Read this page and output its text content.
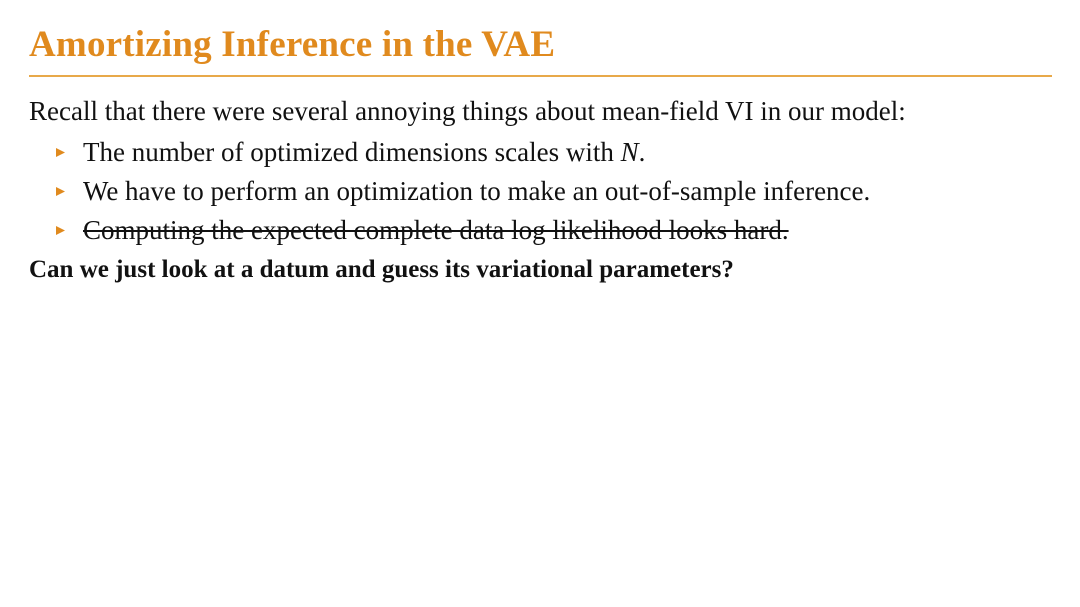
Amortizing Inference in the VAE

Recall that there were several annoying things about mean-field VI in our model:

The number of optimized dimensions scales with N.
We have to perform an optimization to make an out-of-sample inference.
Computing the expected complete data log likelihood looks hard.

Can we just look at a datum and guess its variational parameters?
